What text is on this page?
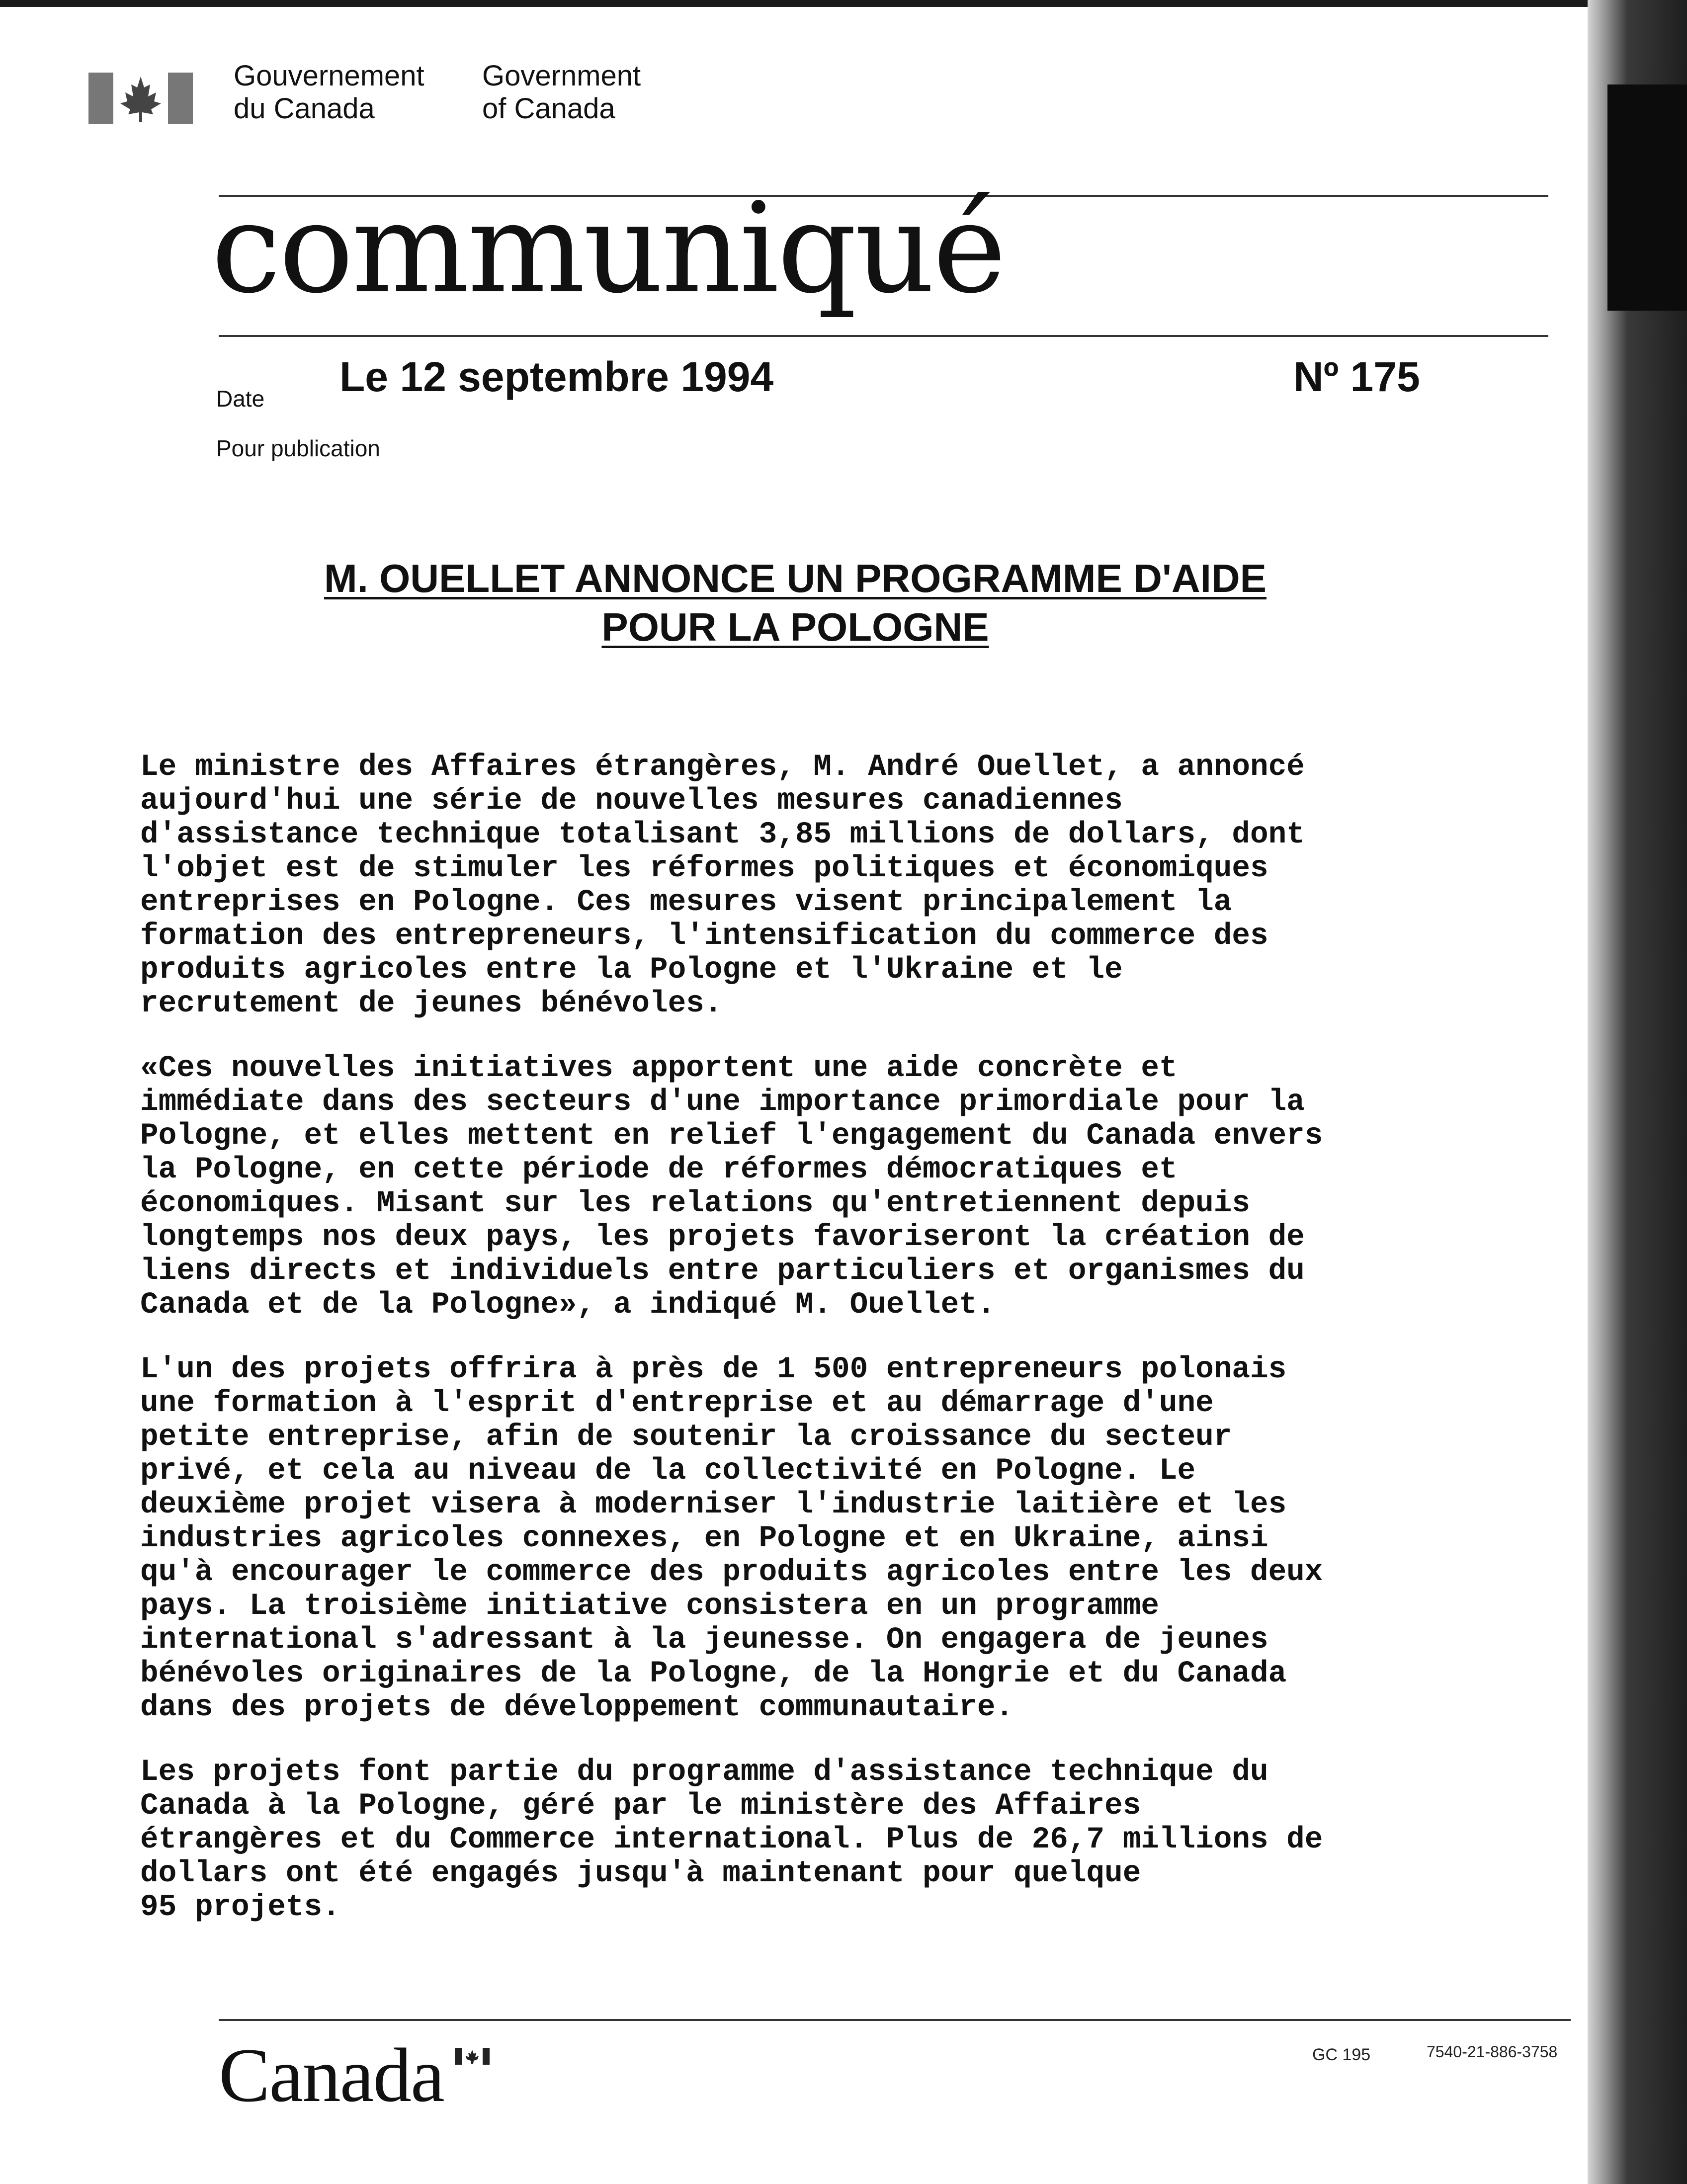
Gouvernement
du Canada
Government
of Canada
communiqué
Date Le 12 septembre 1994	Nº 175
Pour publication
M. OUELLET ANNONCE UN PROGRAMME D'AIDE
POUR LA POLOGNE

Le ministre des Affaires étrangères, M. André Ouellet, a annoncé
aujourd'hui une série de nouvelles mesures canadiennes
d'assistance technique totalisant 3,85 millions de dollars, dont
l'objet est de stimuler les réformes politiques et économiques
entreprises en Pologne. Ces mesures visent principalement la
formation des entrepreneurs, l'intensification du commerce des
produits agricoles entre la Pologne et l'Ukraine et le
recrutement de jeunes bénévoles.

«Ces nouvelles initiatives apportent une aide concrète et
immédiate dans des secteurs d'une importance primordiale pour la
Pologne, et elles mettent en relief l'engagement du Canada envers
la Pologne, en cette période de réformes démocratiques et
économiques. Misant sur les relations qu'entretiennent depuis
longtemps nos deux pays, les projets favoriseront la création de
liens directs et individuels entre particuliers et organismes du
Canada et de la Pologne», a indiqué M. Ouellet.

L'un des projets offrira à près de 1 500 entrepreneurs polonais
une formation à l'esprit d'entreprise et au démarrage d'une
petite entreprise, afin de soutenir la croissance du secteur
privé, et cela au niveau de la collectivité en Pologne. Le
deuxième projet visera à moderniser l'industrie laitière et les
industries agricoles connexes, en Pologne et en Ukraine, ainsi
qu'à encourager le commerce des produits agricoles entre les deux
pays. La troisième initiative consistera en un programme
international s'adressant à la jeunesse. On engagera de jeunes
bénévoles originaires de la Pologne, de la Hongrie et du Canada
dans des projets de développement communautaire.

Les projets font partie du programme d'assistance technique du
Canada à la Pologne, géré par le ministère des Affaires
étrangères et du Commerce international. Plus de 26,7 millions de
dollars ont été engagés jusqu'à maintenant pour quelque
95 projets.

Canada	GC 195	7540-21-886-3758
